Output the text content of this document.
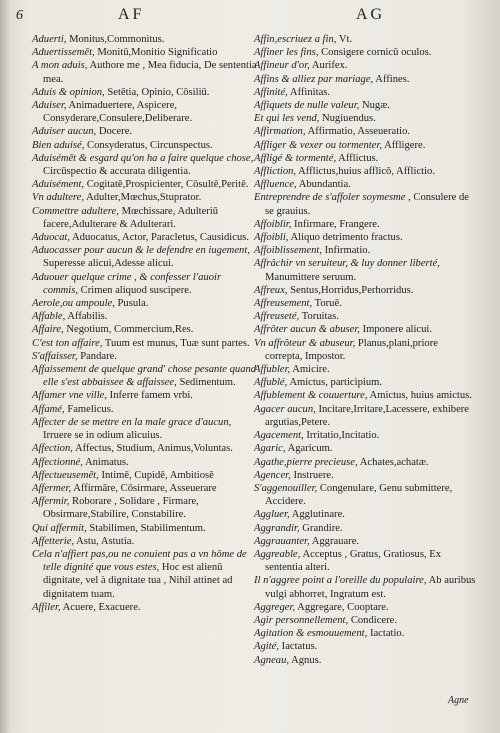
6	AF	AG

Aduerti, Monitus,Commonitus.

Aduertissemēt, Monitū,Monitio Significatio

A mon aduis, Authore me , Mea fiducia, De sententia mea.

Aduis & opinion, Setētia, Opinio, Cōsiliū.

Aduiser, Animaduertere, Aspicere, Consyderare,Consulere,Deliberare.

Aduiser aucun, Docere.

Bien aduisé, Consyderatus, Circunspectus.

Aduisémēt & esgard qu'on ha a faire quelque chose, Circūspectio & accurata diligentia.

Aduisément, Cogitatē,Prospicienter, Cōsultē,Peritē.

Vn adultere, Adulter,Mœchus,Stuprator.

Commettre adultere, Mœchissare, Adulteriū facere,Adulterare & Adulterari.

Aduocat, Aduocatus, Actor, Paracletus, Causidicus.

Aduocasser pour aucun & le defendre en iugement, Superesse alicui,Adesse alicui.

Aduouer quelque crime , & confesser l'auoir commis, Crimen aliquod suscipere.

Aerole,ou ampoule, Pusula.

Affable, Affabilis.

Affaire, Negotium, Commercium,Res.

C'est ton affaire, Tuum est munus, Tuæ sunt partes.

S'affaisser, Pandare.

Affaissement de quelque grand' chose pesante quand elle s'est abbaissee & affaissee, Sedimentum.

Affamer vne ville, Inferre famem vrbi.

Affamé, Famelicus.

Affecter de se mettre en la male grace d'aucun, Irruere se in odium alicuius.

Affection, Affectus, Studium, Animus,Voluntas.

Affectionné, Animatus.

Affectueusemēt, Intimē, Cupidē, Ambitiosē

Affermer, Affirmāre, Cōsirmare, Asseuerare

Affermir, Roborare , Solidare , Firmare, Obsirmare,Stabilire, Constabilire.

Qui affermit, Stabilimen, Stabilimentum.

Affetterie, Astu, Astutia.

Cela n'affiert pas,ou ne conuient pas a vn hōme de telle dignité que vous estes, Hoc est alienū dignitate, vel à dignitate tua , Nihil attinet ad dignitatem tuam.

Affiler, Acuere, Exacuere.

Affin,escriuez a fin, Vt.

Affiner les fins, Consigere cornicū oculos.

Affineur d'or, Aurifex.

Affins & alliez par mariage, Affines.

Affinité, Affinitas.

Affiquets de nulle valeur, Nugæ.

Et qui les vend, Nugiuendus.

Affirmation, Affirmatio, Asseueratio.

Affliger & vexer ou tormenter, Affligere.

Affligé & tormenté, Afflictus.

Affliction, Afflictus,huius afflicō, Afflictio.

Affluence, Abundantia.

Entreprendre de s'affoler soymesme , Consulere de se grauius.

Affoiblir, Infirmare, Frangere.

Affoibli, Aliquo detrimento fractus.

Affoiblissement, Infirmatio.

Affrâchir vn seruiteur, & luy donner liberté, Manumittere seruum.

Affreux, Sentus,Horridus,Perhorridus.

Affreusement, Toruē.

Affreuseté, Toruitas.

Affrôter aucun & abuser, Imponere alicui.

Vn affrôteur & abuseur, Planus,plani,priore correpta, Impostor.

Affubler, Amicire.

Affublé, Amictus, participium.

Affublement & couuerture, Amictus, huius amictus.

Agacer aucun, Incitare,Irritare,Lacessere, exhibere argutias,Petere.

Agacement, Irritatio,Incitatio.

Agaric, Agaricum.

Agathe,pierre precieuse, Achates,achatæ.

Agencer, Instruere.

S'aggenouiller, Congenulare, Genu submittere, Accidere.

Aggluer, Agglutinare.

Aggrandir, Grandire.

Aggrauanter, Aggrauare.

Aggreable, Acceptus , Gratus, Gratiosus, Ex sententia alteri.

Il n'aggree point a l'oreille du populaire, Ab auribus vulgi abhorret, Ingratum est.

Aggreger, Aggregare, Cooptare.

Agir personnellement, Condicere.

Agitation & esmouuement, Iactatio.

Agité, Iactatus.

Agneau, Agnus.

Agne
